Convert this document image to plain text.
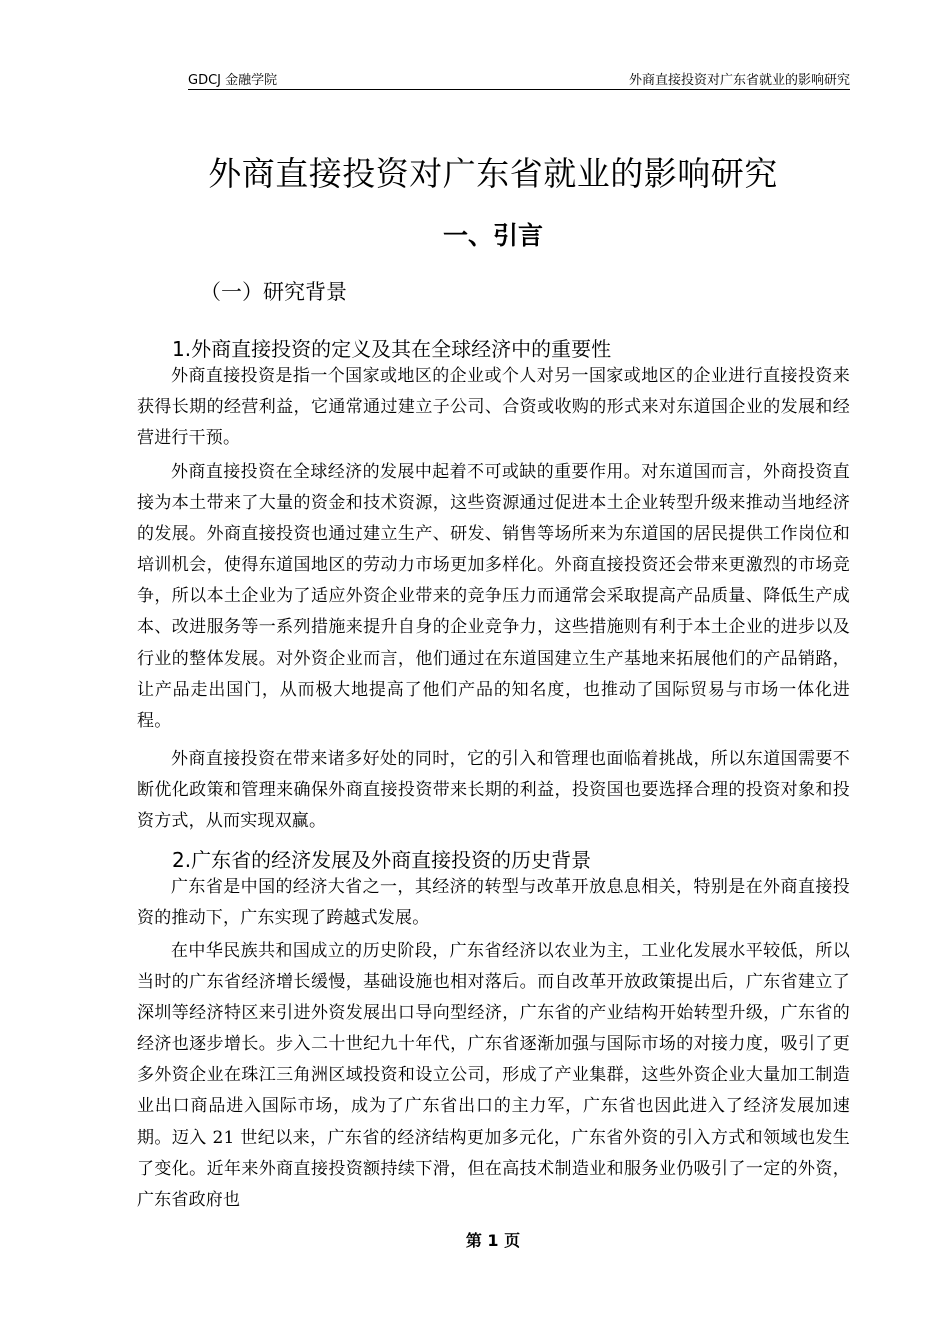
GDCJ 金融学院	外商直接投资对广东省就业的影响研究
外商直接投资对广东省就业的影响研究
一、引言
（一）研究背景
1.外商直接投资的定义及其在全球经济中的重要性

外商直接投资是指一个国家或地区的企业或个人对另一国家或地区的企业进行直接投资来获得长期的经营利益，它通常通过建立子公司、合资或收购的形式来对东道国企业的发展和经营进行干预。

外商直接投资在全球经济的发展中起着不可或缺的重要作用。对东道国而言，外商投资直接为本土带来了大量的资金和技术资源，这些资源通过促进本土企业转型升级来推动当地经济的发展。外商直接投资也通过建立生产、研发、销售等场所来为东道国的居民提供工作岗位和培训机会，使得东道国地区的劳动力市场更加多样化。外商直接投资还会带来更激烈的市场竞争，所以本土企业为了适应外资企业带来的竞争压力而通常会采取提高产品质量、降低生产成本、改进服务等一系列措施来提升自身的企业竞争力，这些措施则有利于本土企业的进步以及行业的整体发展。对外资企业而言，他们通过在东道国建立生产基地来拓展他们的产品销路，让产品走出国门，从而极大地提高了他们产品的知名度，也推动了国际贸易与市场一体化进程。

外商直接投资在带来诸多好处的同时，它的引入和管理也面临着挑战，所以东道国需要不断优化政策和管理来确保外商直接投资带来长期的利益，投资国也要选择合理的投资对象和投资方式，从而实现双赢。

2.广东省的经济发展及外商直接投资的历史背景

广东省是中国的经济大省之一，其经济的转型与改革开放息息相关，特别是在外商直接投资的推动下，广东实现了跨越式发展。

在中华民族共和国成立的历史阶段，广东省经济以农业为主，工业化发展水平较低，所以当时的广东省经济增长缓慢，基础设施也相对落后。而自改革开放政策提出后，广东省建立了深圳等经济特区来引进外资发展出口导向型经济，广东省的产业结构开始转型升级，广东省的经济也逐步增长。步入二十世纪九十年代，广东省逐渐加强与国际市场的对接力度，吸引了更多外资企业在珠江三角洲区域投资和设立公司，形成了产业集群，这些外资企业大量加工制造业出口商品进入国际市场，成为了广东省出口的主力军，广东省也因此进入了经济发展加速期。迈入 21 世纪以来，广东省的经济结构更加多元化，广东省外资的引入方式和领域也发生了变化。近年来外商直接投资额持续下滑，但在高技术制造业和服务业仍吸引了一定的外资，广东省政府也

第 1 页
